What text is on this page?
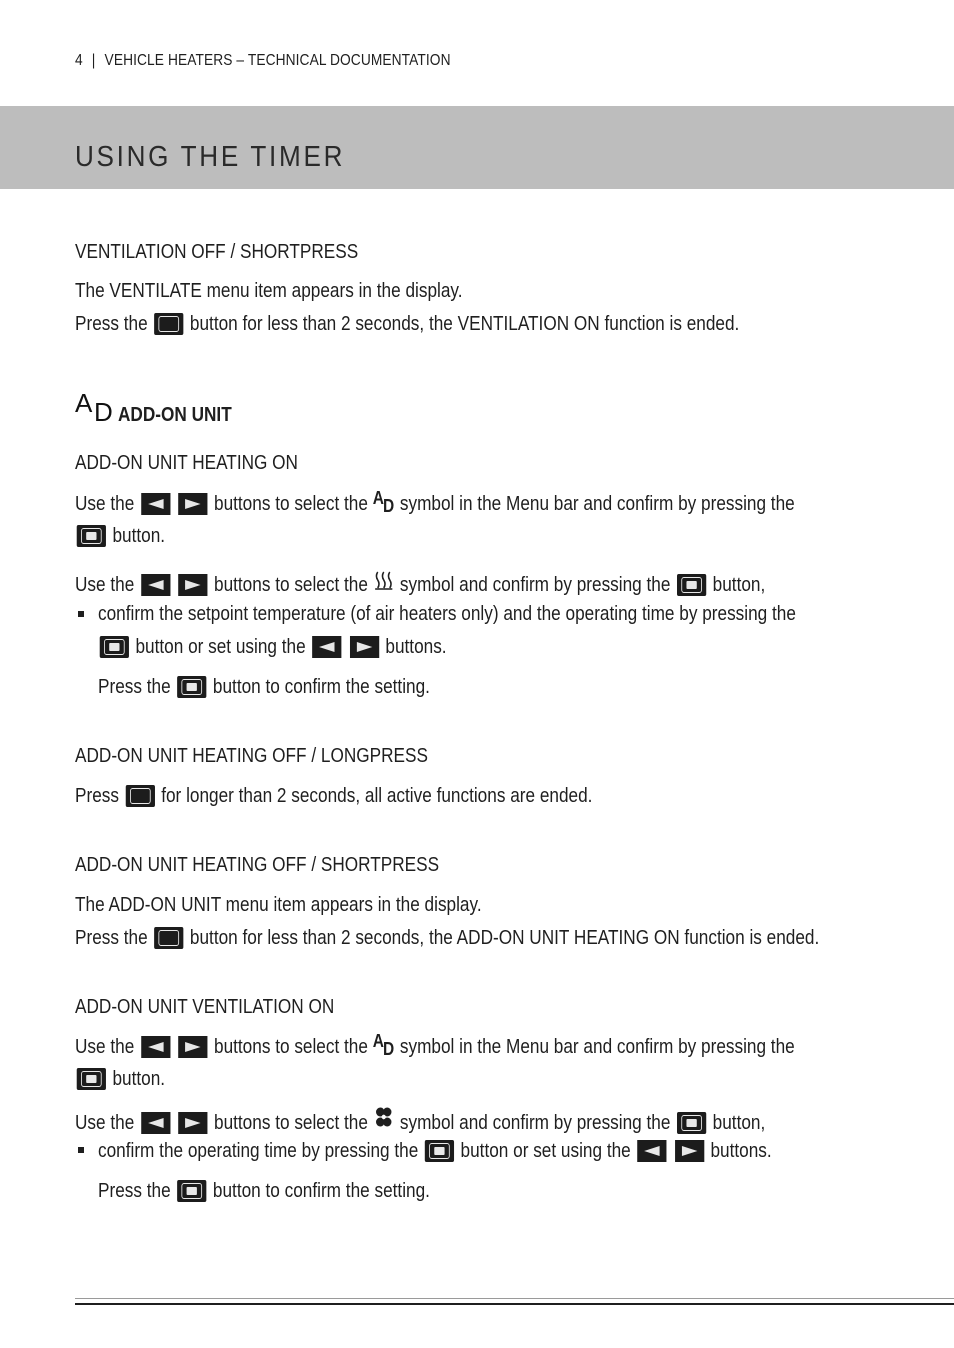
4 | VEHICLE HEATERS – TECHNICAL DOCUMENTATION
USING THE TIMER
VENTILATION OFF / SHORTPRESS
The VENTILATE menu item appears in the display.
Press the button for less than 2 seconds, the VENTILATION ON function is ended.
A D ADD-ON UNIT
ADD-ON UNIT HEATING ON
Use the	buttons to select the A D symbol in the Menu bar and confirm by pressing the
button.
Use the	buttons to select the symbol and confirm by pressing the button,
confirm the setpoint temperature (of air heaters only) and the operating time by pressing the
button or set using the	buttons.
Press the button to confirm the setting.
ADD-ON UNIT HEATING OFF / LONGPRESS
Press for longer than 2 seconds, all active functions are ended.
ADD-ON UNIT HEATING OFF / SHORTPRESS
The ADD-ON UNIT menu item appears in the display.
Press the button for less than 2 seconds, the ADD-ON UNIT HEATING ON function is ended.
ADD-ON UNIT VENTILATION ON
Use the	buttons to select the A D symbol in the Menu bar and confirm by pressing the
button.
Use the	buttons to select the symbol and confirm by pressing the button,
confirm the operating time by pressing the button or set using the	buttons.
Press the button to confirm the setting.
